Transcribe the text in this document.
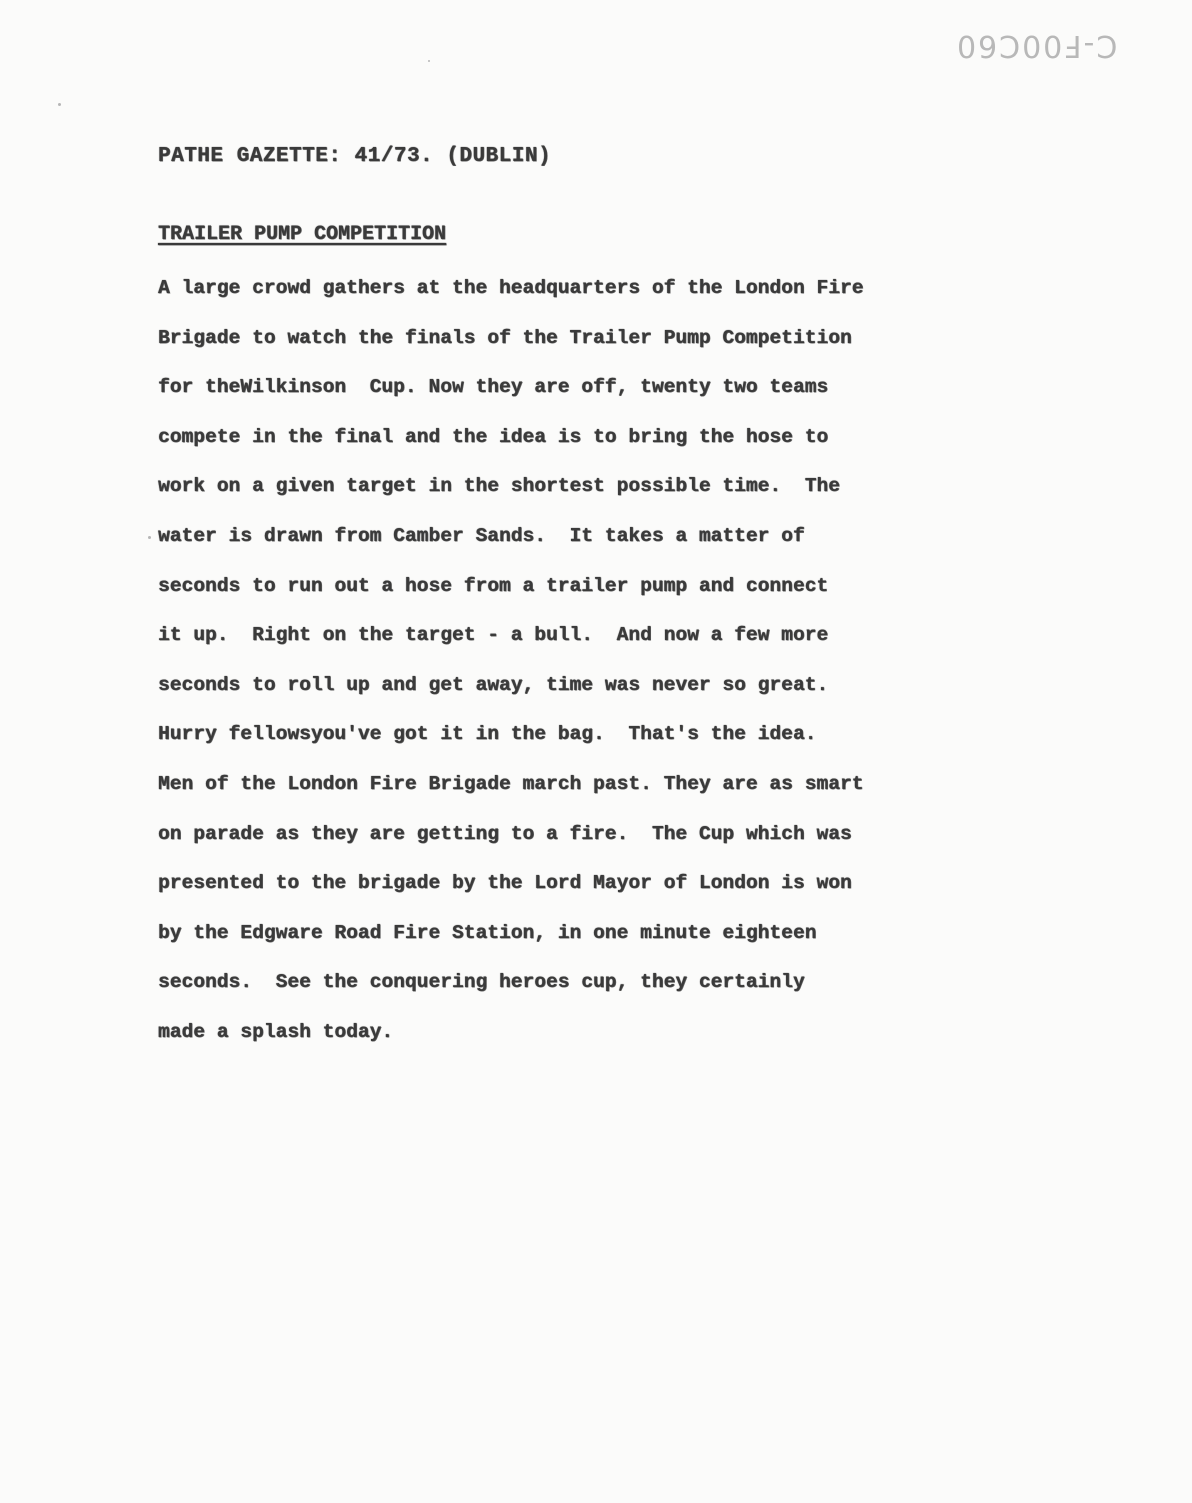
C-F00C60
PATHE GAZETTE: 41/73. (DUBLIN)
TRAILER PUMP COMPETITION
A large crowd gathers at the headquarters of the London Fire
Brigade to watch the finals of the Trailer Pump Competition
for theWilkinson  Cup. Now they are off, twenty two teams
compete in the final and the idea is to bring the hose to
work on a given target in the shortest possible time.  The
water is drawn from Camber Sands.  It takes a matter of
seconds to run out a hose from a trailer pump and connect
it up.  Right on the target - a bull.  And now a few more
seconds to roll up and get away, time was never so great.
Hurry fellowsyou've got it in the bag.  That's the idea.
Men of the London Fire Brigade march past. They are as smart
on parade as they are getting to a fire.  The Cup which was
presented to the brigade by the Lord Mayor of London is won
by the Edgware Road Fire Station, in one minute eighteen
seconds.  See the conquering heroes cup, they certainly
made a splash today.
